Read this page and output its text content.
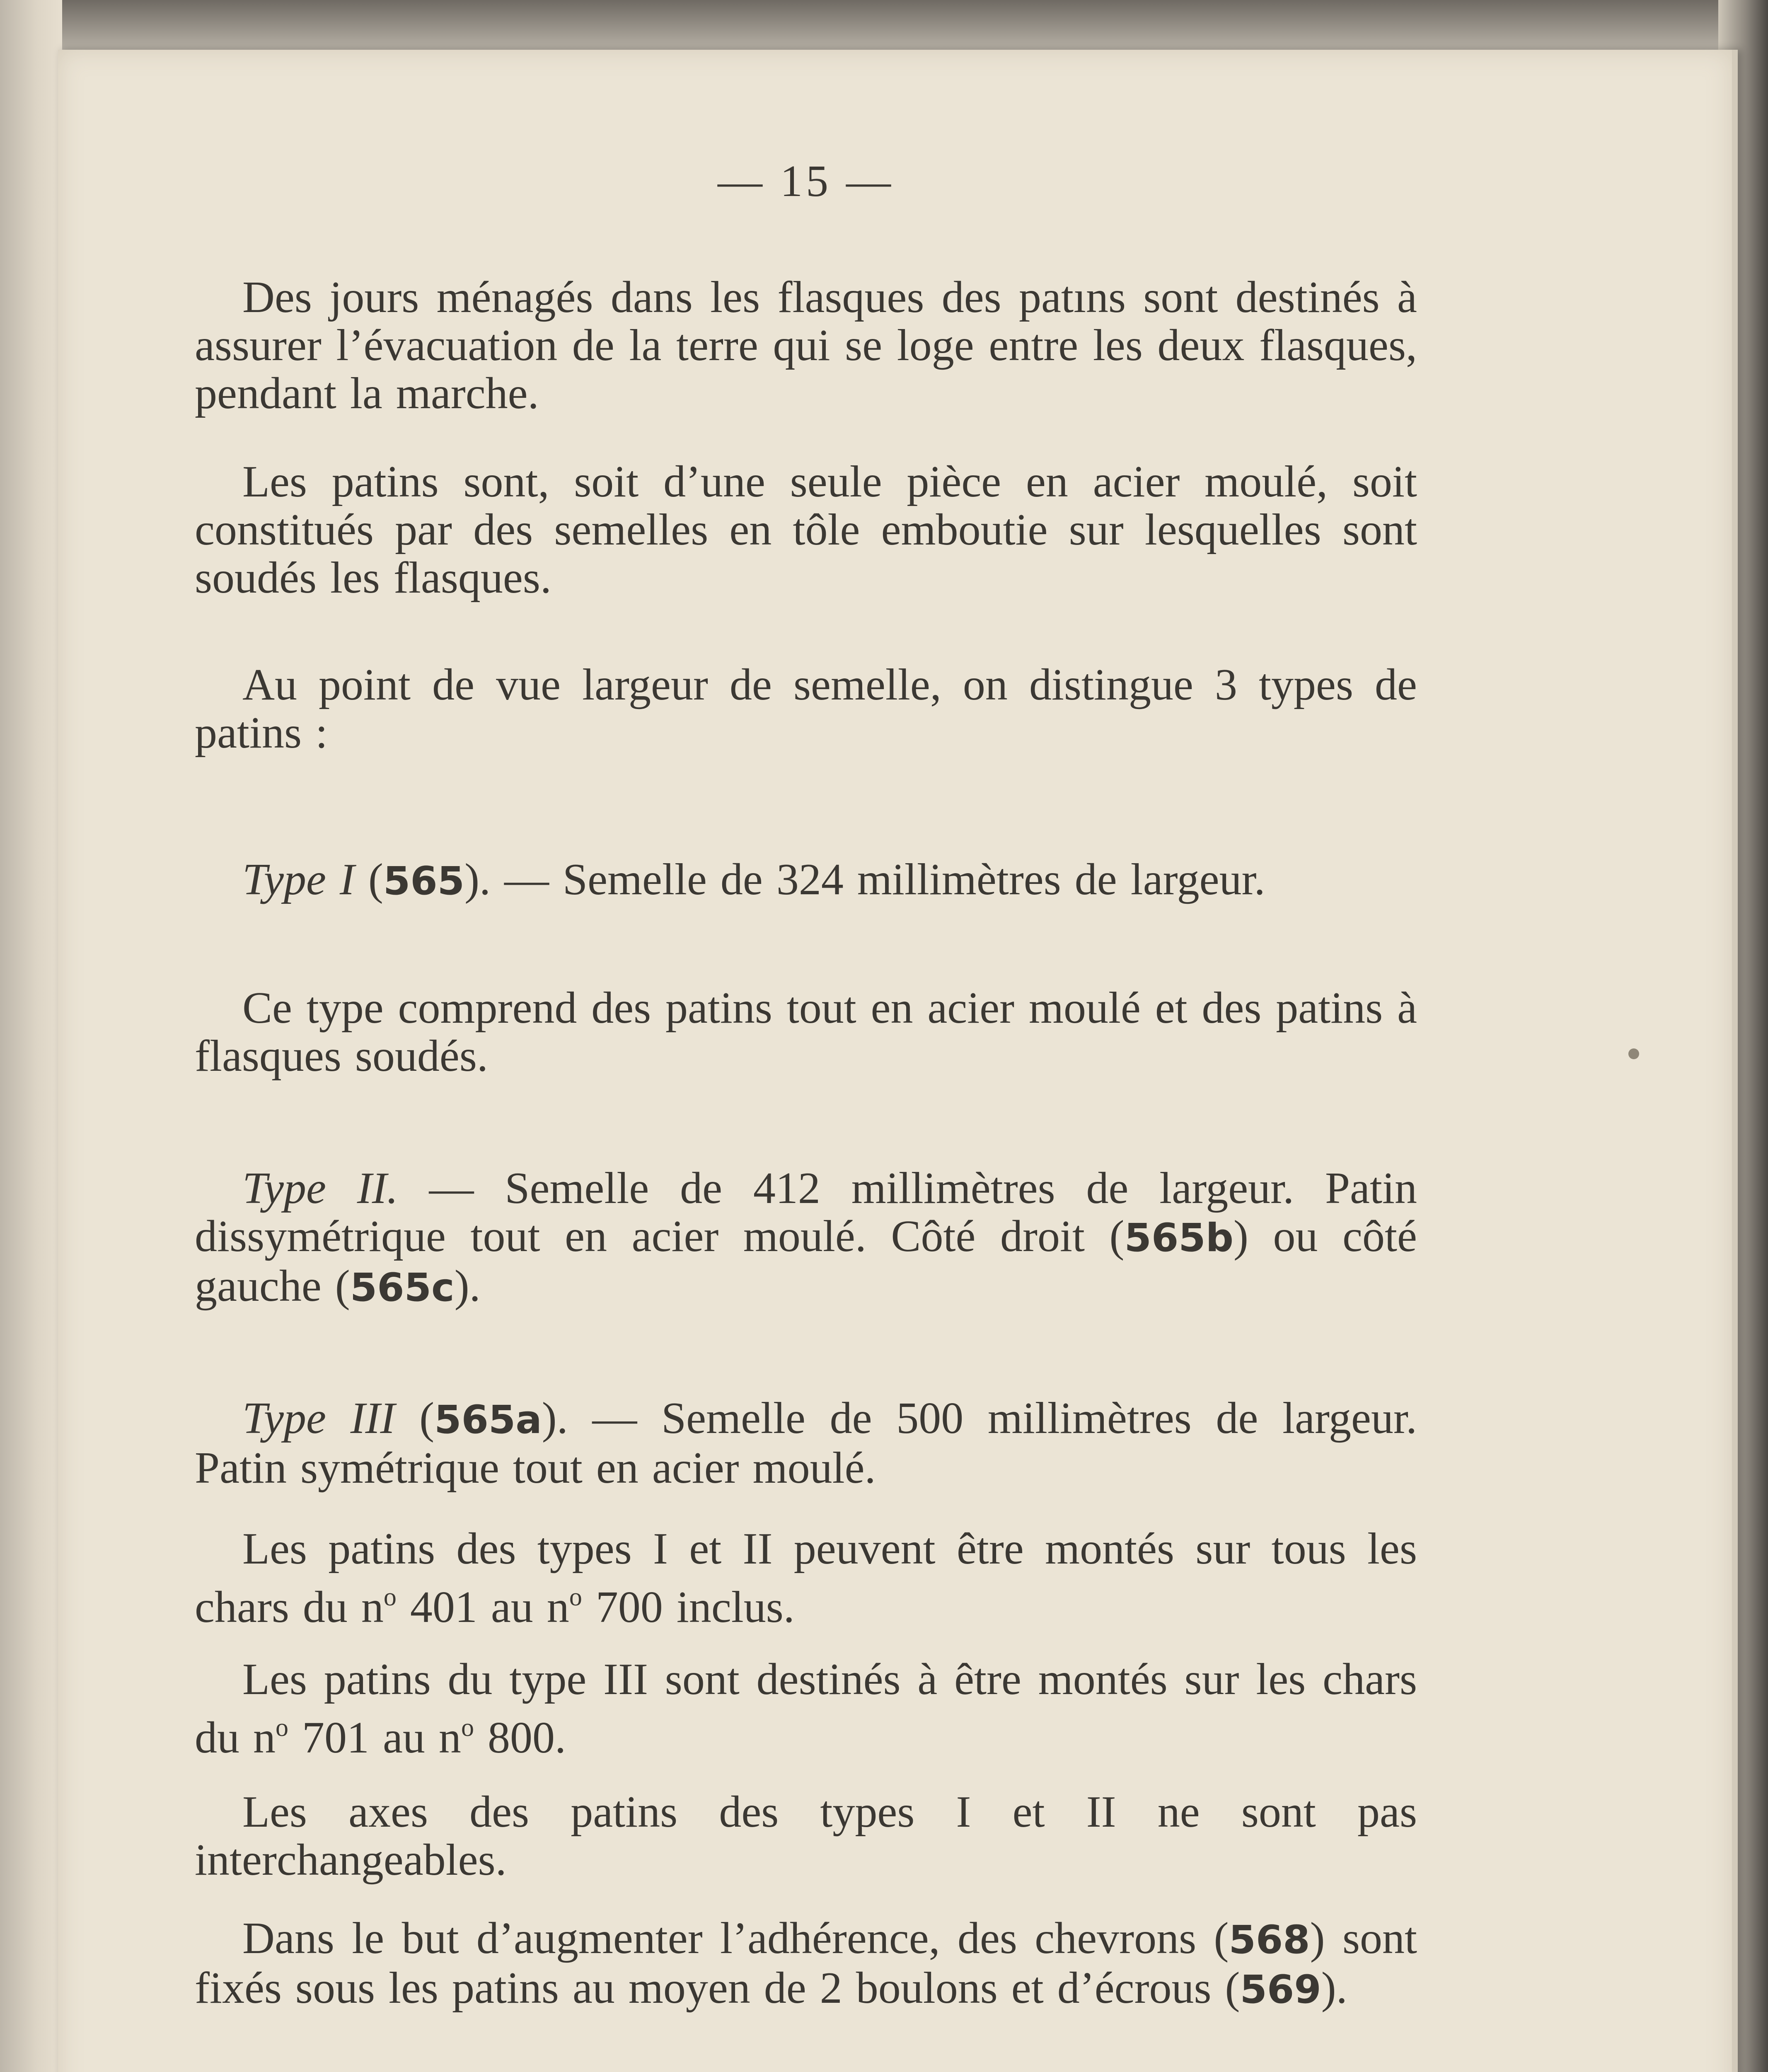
— 15 —

Des jours ménagés dans les flasques des patıns sont destinés à assurer l’évacuation de la terre qui se loge entre les deux flasques, pendant la marche.

Les patins sont, soit d’une seule pièce en acier moulé, soit constitués par des semelles en tôle emboutie sur lesquelles sont soudés les flasques.

Au point de vue largeur de semelle, on distingue 3 types de patins :

Type I (565). — Semelle de 324 millimètres de largeur.

Ce type comprend des patins tout en acier moulé et des patins à flasques soudés.

Type II. — Semelle de 412 millimètres de largeur. Patin dissymétrique tout en acier moulé. Côté droit (565b) ou côté gauche (565c).

Type III (565a). — Semelle de 500 millimètres de largeur. Patin symétrique tout en acier moulé.

Les patins des types I et II peuvent être montés sur tous les chars du $n^o$ 401 au $n^o$ 700 inclus.

Les patins du type III sont destinés à être montés sur les chars du $n^o$ 701 au $n^o$ 800.

Les axes des patins des types I et II ne sont pas interchangeables.

Dans le but d’augmenter l’adhérence, des chevrons (568) sont fixés sous les patins au moyen de 2 boulons et d’écrous (569).
